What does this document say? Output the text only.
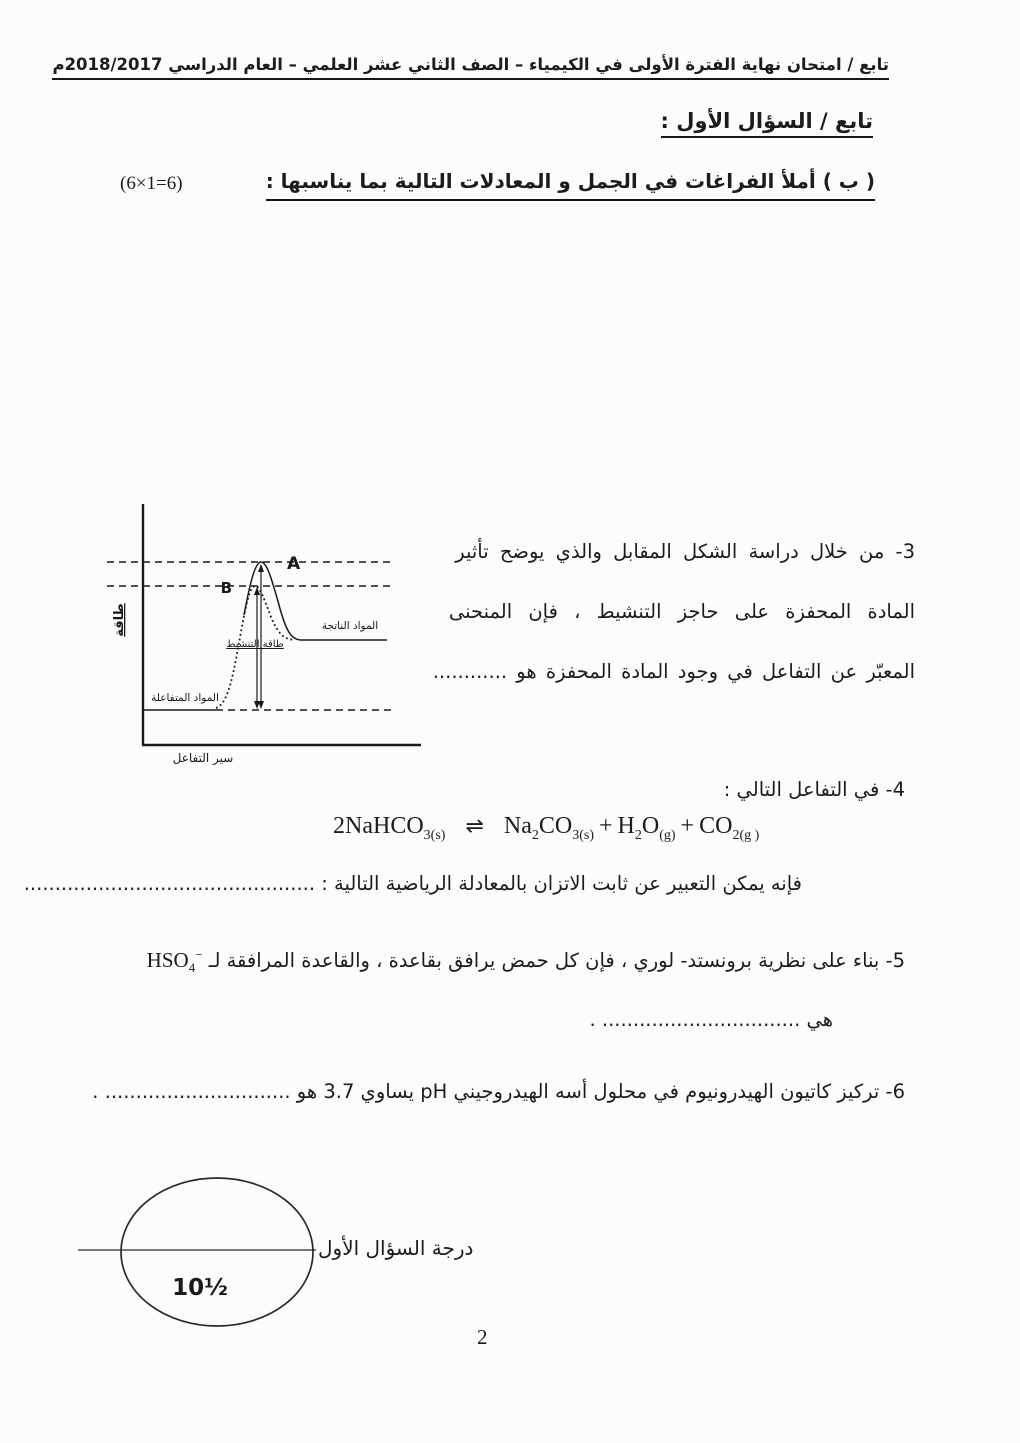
تابع / امتحان نهاية الفترة الأولى في الكيمياء – الصف الثاني عشر العلمي – العام الدراسي 2018/2017م
تابع / السؤال الأول :
( ب ) أملأ الفراغات في الجمل و المعادلات التالية بما يناسبها :
(6×1=6)

3- من خلال دراسة الشكل المقابل والذي يوضح تأثير

المادة المحفزة على حاجز التنشيط ، فإن المنحنى

المعبّر عن التفاعل في وجود المادة المحفزة هو ............

A
B
المواد الناتجة
طاقة التنشيط
المواد المتفاعلة
طاقة
سير التفاعل

4- في التفاعل التالي :

2NaHCO$_{3(s)}$ ⇌ $Na_2CO_{3(s)} + H_2O_{(g)} + CO_{2(g )}$

فإنه يمكن التعبير عن ثابت الاتزان بالمعادلة الرياضية التالية : ...............................................

5- بناء على نظرية برونستد- لوري ، فإن كل حمض يرافق بقاعدة ، والقاعدة المرافقة لـ $HSO_4^-$

هي ................................ .

6- تركيز كاتيون الهيدرونيوم في محلول أسه الهيدروجيني pH يساوي 3.7 هو .............................. .

10½
درجة السؤال الأول
2
